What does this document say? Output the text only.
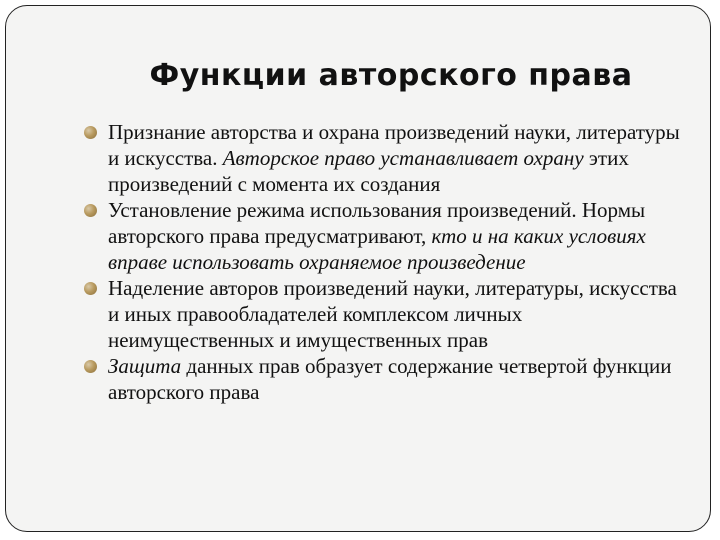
Функции авторского права
Признание авторства и охрана произведений науки, литературы и искусства. Авторское право устанавливает охрану этих произведений с момента их создания
Установление режима использования произведений. Нормы авторского права предусматривают, кто и на каких условиях вправе использовать охраняемое произведение
Наделение авторов произведений науки, литературы, искусства и иных правообладателей комплексом личных неимущественных и имущественных прав
Защита данных прав образует содержание четвертой функции авторского права
